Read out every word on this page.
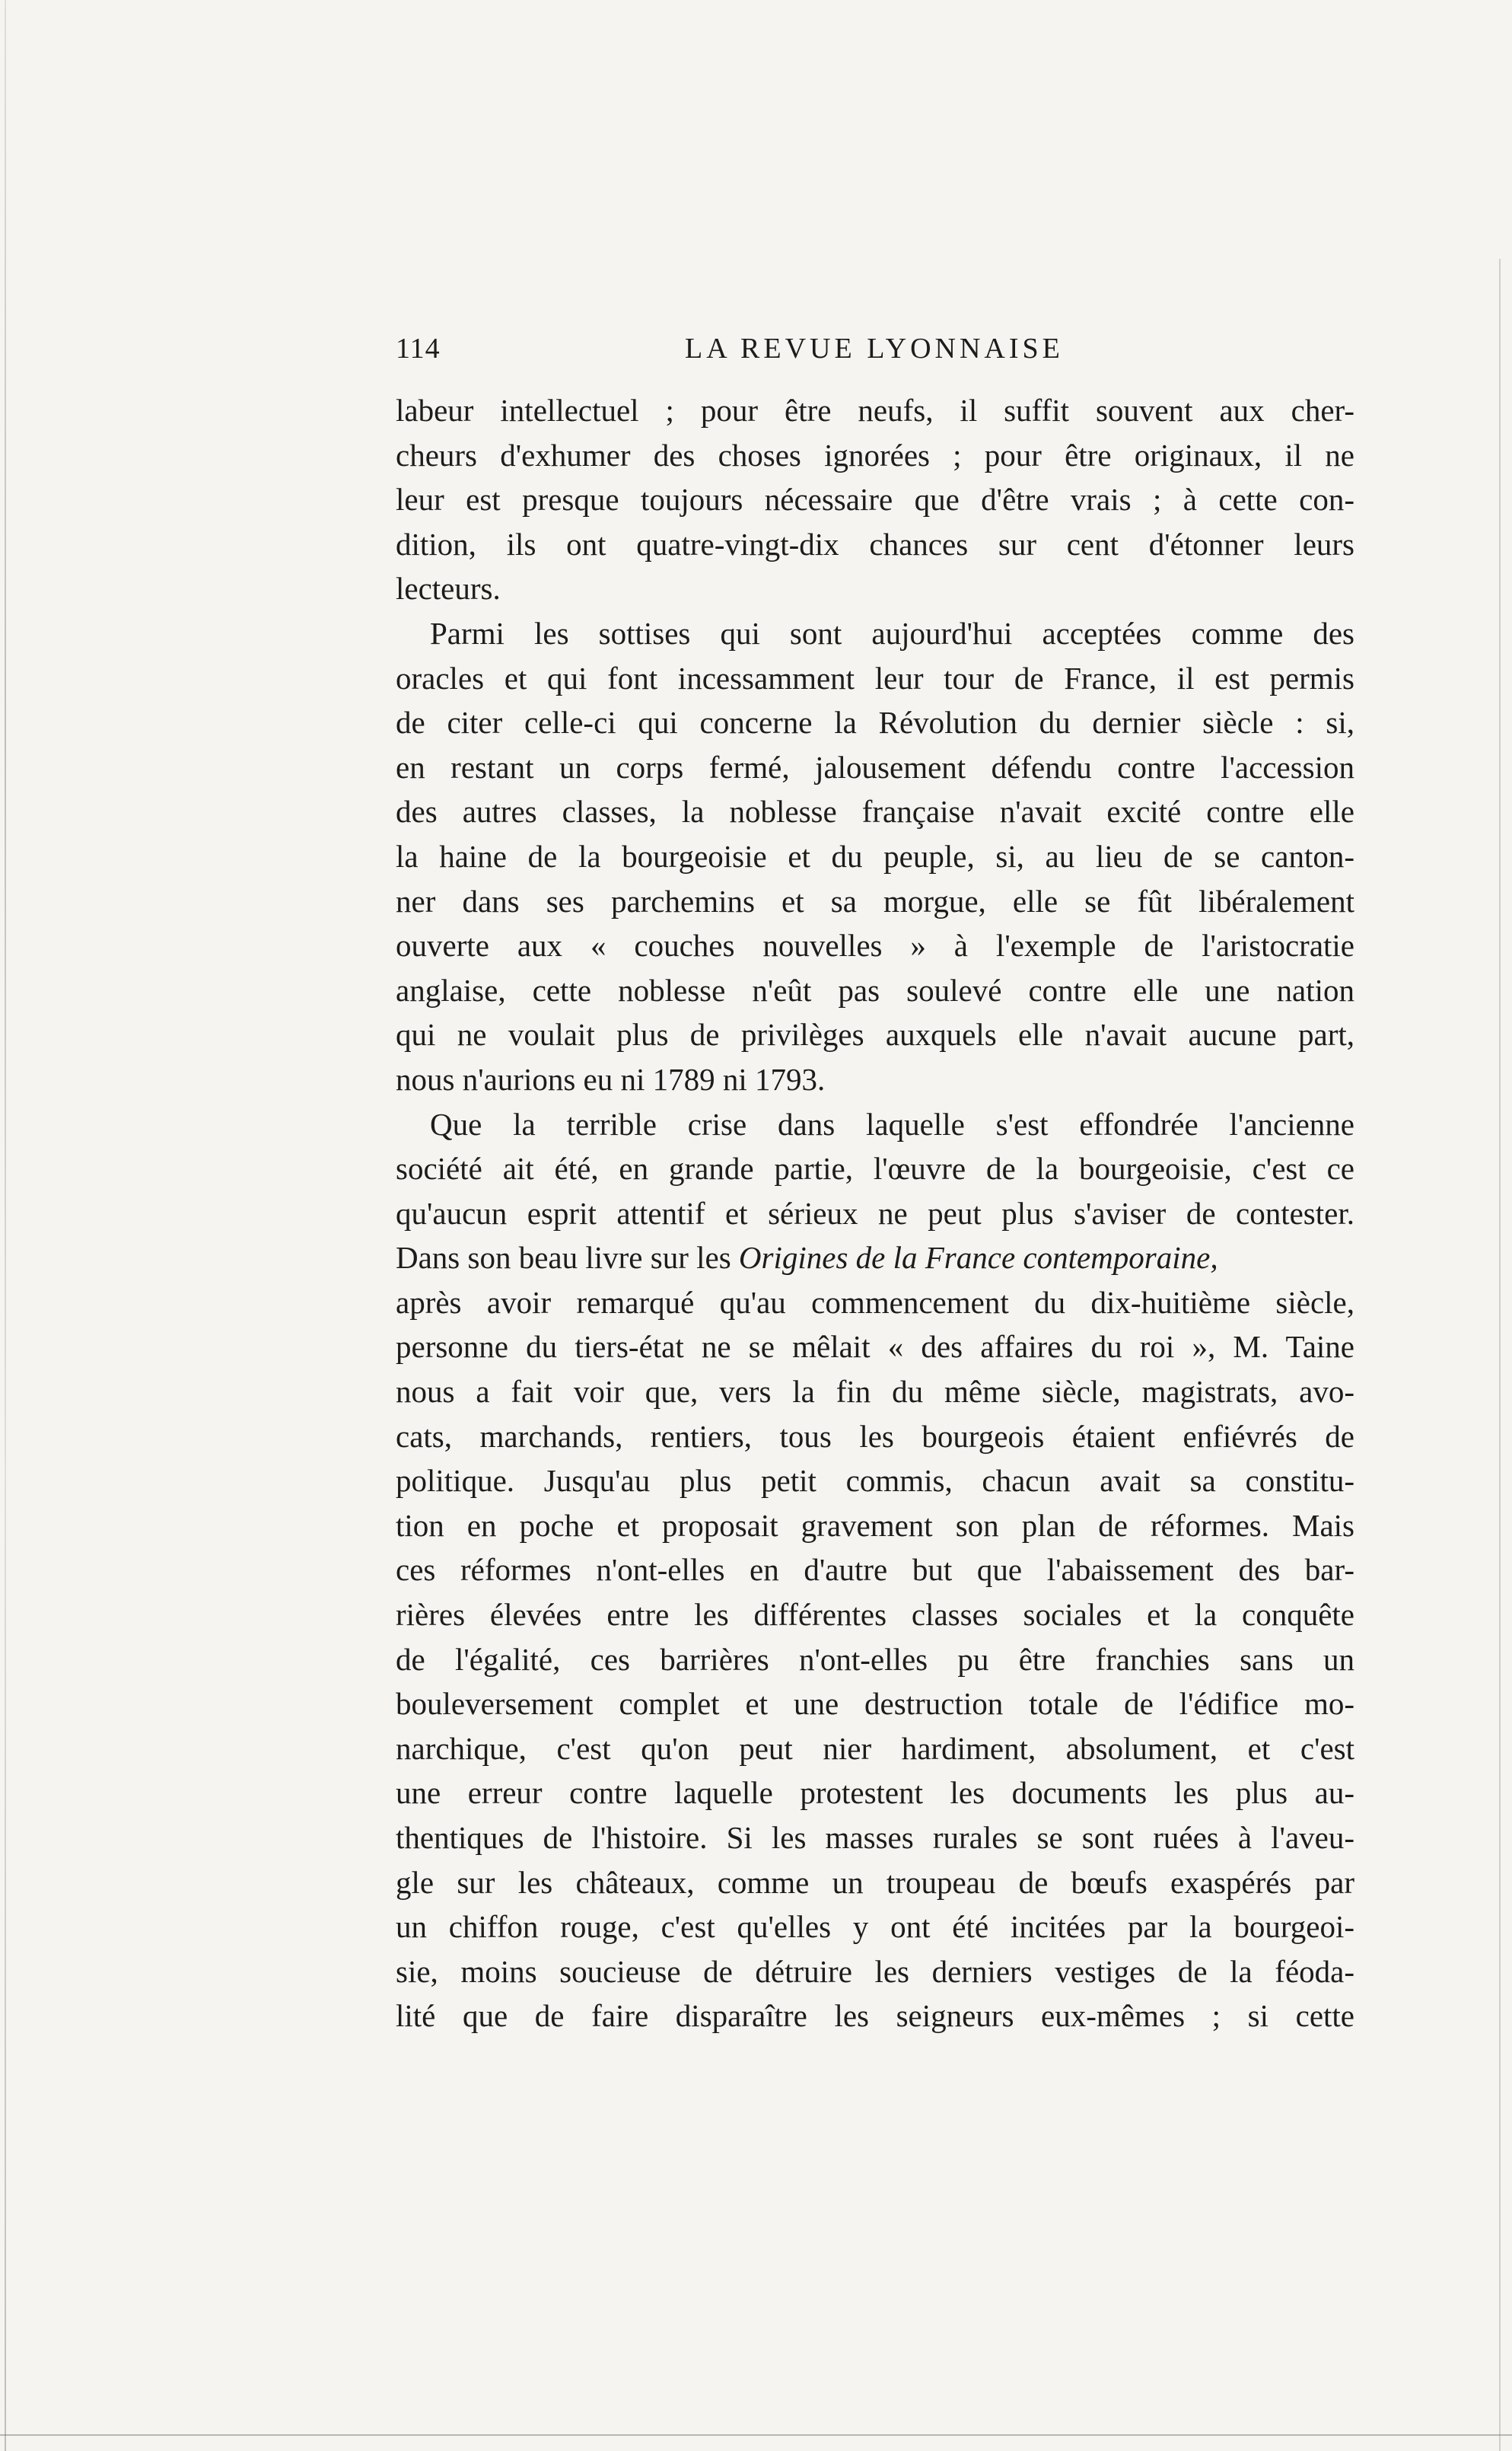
114	LA REVUE LYONNAISE
labeur intellectuel ; pour être neufs, il suffit souvent aux cher-
cheurs d'exhumer des choses ignorées ; pour être originaux, il ne
leur est presque toujours nécessaire que d'être vrais ; à cette con-
dition, ils ont quatre-vingt-dix chances sur cent d'étonner leurs
lecteurs.
Parmi les sottises qui sont aujourd'hui acceptées comme des
oracles et qui font incessamment leur tour de France, il est permis
de citer celle-ci qui concerne la Révolution du dernier siècle : si,
en restant un corps fermé, jalousement défendu contre l'accession
des autres classes, la noblesse française n'avait excité contre elle
la haine de la bourgeoisie et du peuple, si, au lieu de se canton-
ner dans ses parchemins et sa morgue, elle se fût libéralement
ouverte aux « couches nouvelles » à l'exemple de l'aristocratie
anglaise, cette noblesse n'eût pas soulevé contre elle une nation
qui ne voulait plus de privilèges auxquels elle n'avait aucune part,
nous n'aurions eu ni 1789 ni 1793.
Que la terrible crise dans laquelle s'est effondrée l'ancienne
société ait été, en grande partie, l'œuvre de la bourgeoisie, c'est ce
qu'aucun esprit attentif et sérieux ne peut plus s'aviser de contester.
Dans son beau livre sur les Origines de la France contemporaine,
après avoir remarqué qu'au commencement du dix-huitième siècle,
personne du tiers-état ne se mêlait « des affaires du roi », M. Taine
nous a fait voir que, vers la fin du même siècle, magistrats, avo-
cats, marchands, rentiers, tous les bourgeois étaient enfiévrés de
politique. Jusqu'au plus petit commis, chacun avait sa constitu-
tion en poche et proposait gravement son plan de réformes. Mais
ces réformes n'ont-elles en d'autre but que l'abaissement des bar-
rières élevées entre les différentes classes sociales et la conquête
de l'égalité, ces barrières n'ont-elles pu être franchies sans un
bouleversement complet et une destruction totale de l'édifice mo-
narchique, c'est qu'on peut nier hardiment, absolument, et c'est
une erreur contre laquelle protestent les documents les plus au-
thentiques de l'histoire. Si les masses rurales se sont ruées à l'aveu-
gle sur les châteaux, comme un troupeau de bœufs exaspérés par
un chiffon rouge, c'est qu'elles y ont été incitées par la bourgeoi-
sie, moins soucieuse de détruire les derniers vestiges de la féoda-
lité que de faire disparaître les seigneurs eux-mêmes ; si cette
